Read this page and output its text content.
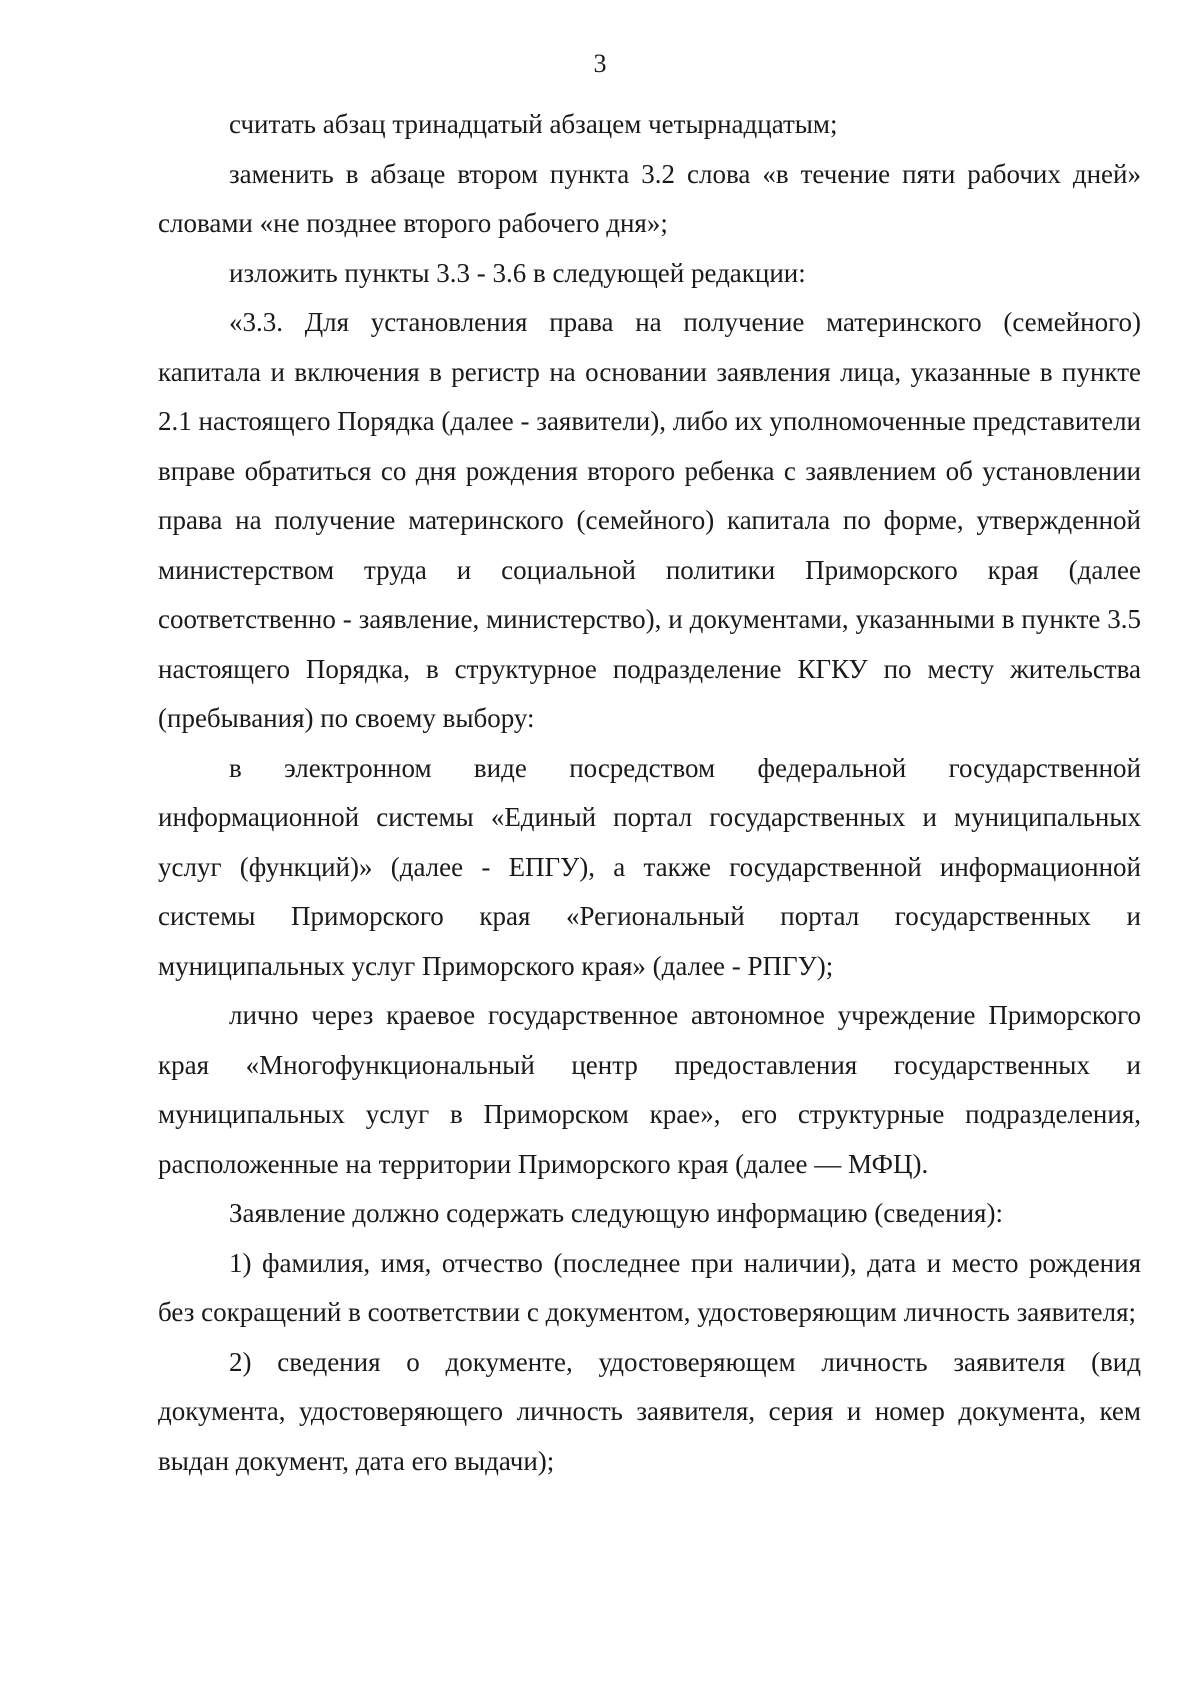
3

считать абзац тринадцатый абзацем четырнадцатым;

заменить в абзаце втором пункта 3.2 слова «в течение пяти рабочих дней» словами «не позднее второго рабочего дня»;

изложить пункты 3.3 - 3.6 в следующей редакции:

«3.3. Для установления права на получение материнского (семейного) капитала и включения в регистр на основании заявления лица, указанные в пункте 2.1 настоящего Порядка (далее - заявители), либо их уполномоченные представители вправе обратиться со дня рождения второго ребенка с заявлением об установлении права на получение материнского (семейного) капитала по форме, утвержденной министерством труда и социальной политики Приморского края (далее соответственно - заявление, министерство), и документами, указанными в пункте 3.5 настоящего Порядка, в структурное подразделение КГКУ по месту жительства (пребывания) по своему выбору:

в электронном виде посредством федеральной государственной информационной системы «Единый портал государственных и муниципальных услуг (функций)» (далее - ЕПГУ), а также государственной информационной системы Приморского края «Региональный портал государственных и муниципальных услуг Приморского края» (далее - РПГУ);

лично через краевое государственное автономное учреждение Приморского края «Многофункциональный центр предоставления государственных и муниципальных услуг в Приморском крае», его структурные подразделения, расположенные на территории Приморского края (далее — МФЦ).

Заявление должно содержать следующую информацию (сведения):

1) фамилия, имя, отчество (последнее при наличии), дата и место рождения без сокращений в соответствии с документом, удостоверяющим личность заявителя;

2) сведения о документе, удостоверяющем личность заявителя (вид документа, удостоверяющего личность заявителя, серия и номер документа, кем выдан документ, дата его выдачи);
